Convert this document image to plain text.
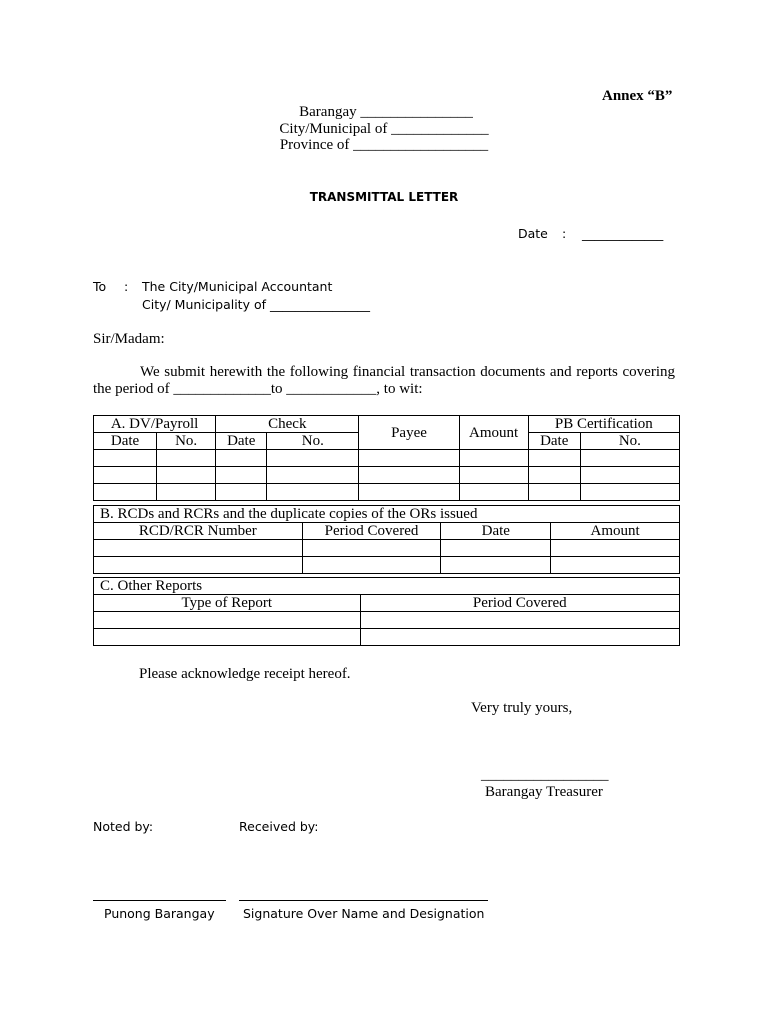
Annex “B”
Barangay _______________
City/Municipal of _____________
Province of __________________
TRANSMITTAL LETTER
Date : _____________
To : The City/Municipal Accountant
City/ Municipality of ________________
Sir/Madam:
We submit herewith the following financial transaction documents and reports covering the period of _____________to ____________, to wit:
A. DV/Payroll		Check		Payee	Amount	PB Certification	
Date	No.	Date	No.			Date	No.

B. RCDs and RCRs and the duplicate copies of the ORs issued			
RCD/RCR Number	Period Covered	Date	Amount

C. Other Reports	
Type of Report	Period Covered

Please acknowledge receipt hereof.
Very truly yours,
_________________
Barangay Treasurer
Noted by:	Received by:
Punong Barangay Signature Over Name and Designation
